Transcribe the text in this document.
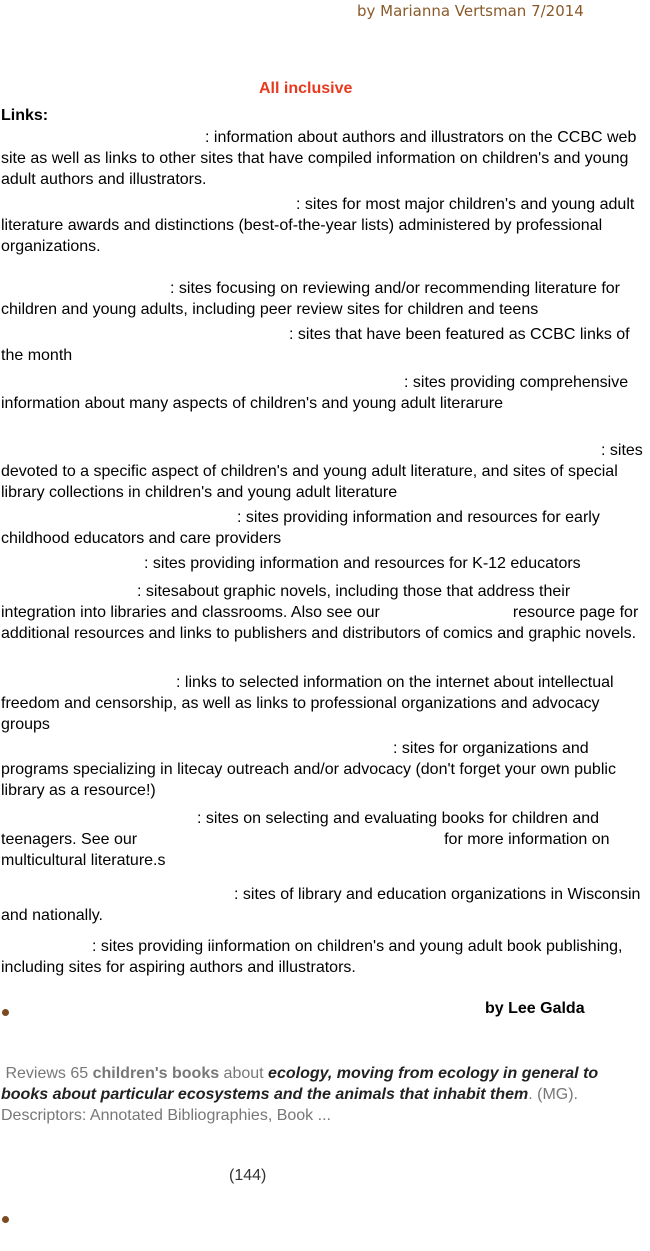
by Marianna Vertsman 7/2014
All inclusive
Links:
: information about authors and illustrators on the CCBC web site as well as links to other sites that have compiled information on children's and young adult authors and illustrators.
: sites for most major children's and young adult literature awards and distinctions (best-of-the-year lists) administered by professional organizations.
: sites focusing on reviewing and/or recommending literature for children and young adults, including peer review sites for children and teens
: sites that have been featured as CCBC links of the month
: sites providing comprehensive information about many aspects of children's and young adult literarure
: sites devoted to a specific aspect of children's and young adult literature, and sites of special library collections in children's and young adult literature
: sites providing information and resources for early childhood educators and care providers
: sites providing information and resources for K-12 educators
: sitesabout graphic novels, including those that address their integration into libraries and classrooms. Also see our	resource page for additional resources and links to publishers and distributors of comics and graphic novels.
: links to selected information on the internet about intellectual freedom and censorship, as well as links to professional organizations and advocacy groups
: sites for organizations and programs specializing in litecay outreach and/or advocacy (don't forget your own public library as a resource!)
: sites on selecting and evaluating books for children and teenagers. See our	for more information on multicultural literature.s
: sites of library and education organizations in Wisconsin and nationally.
: sites providing iinformation on children's and young adult book publishing, including sites for aspiring authors and illustrators.
by Lee Galda
Reviews 65 children's books about ecology, moving from ecology in general to books about particular ecosystems and the animals that inhabit them. (MG). Descriptors: Annotated Bibliographies, Book ...
(144)
